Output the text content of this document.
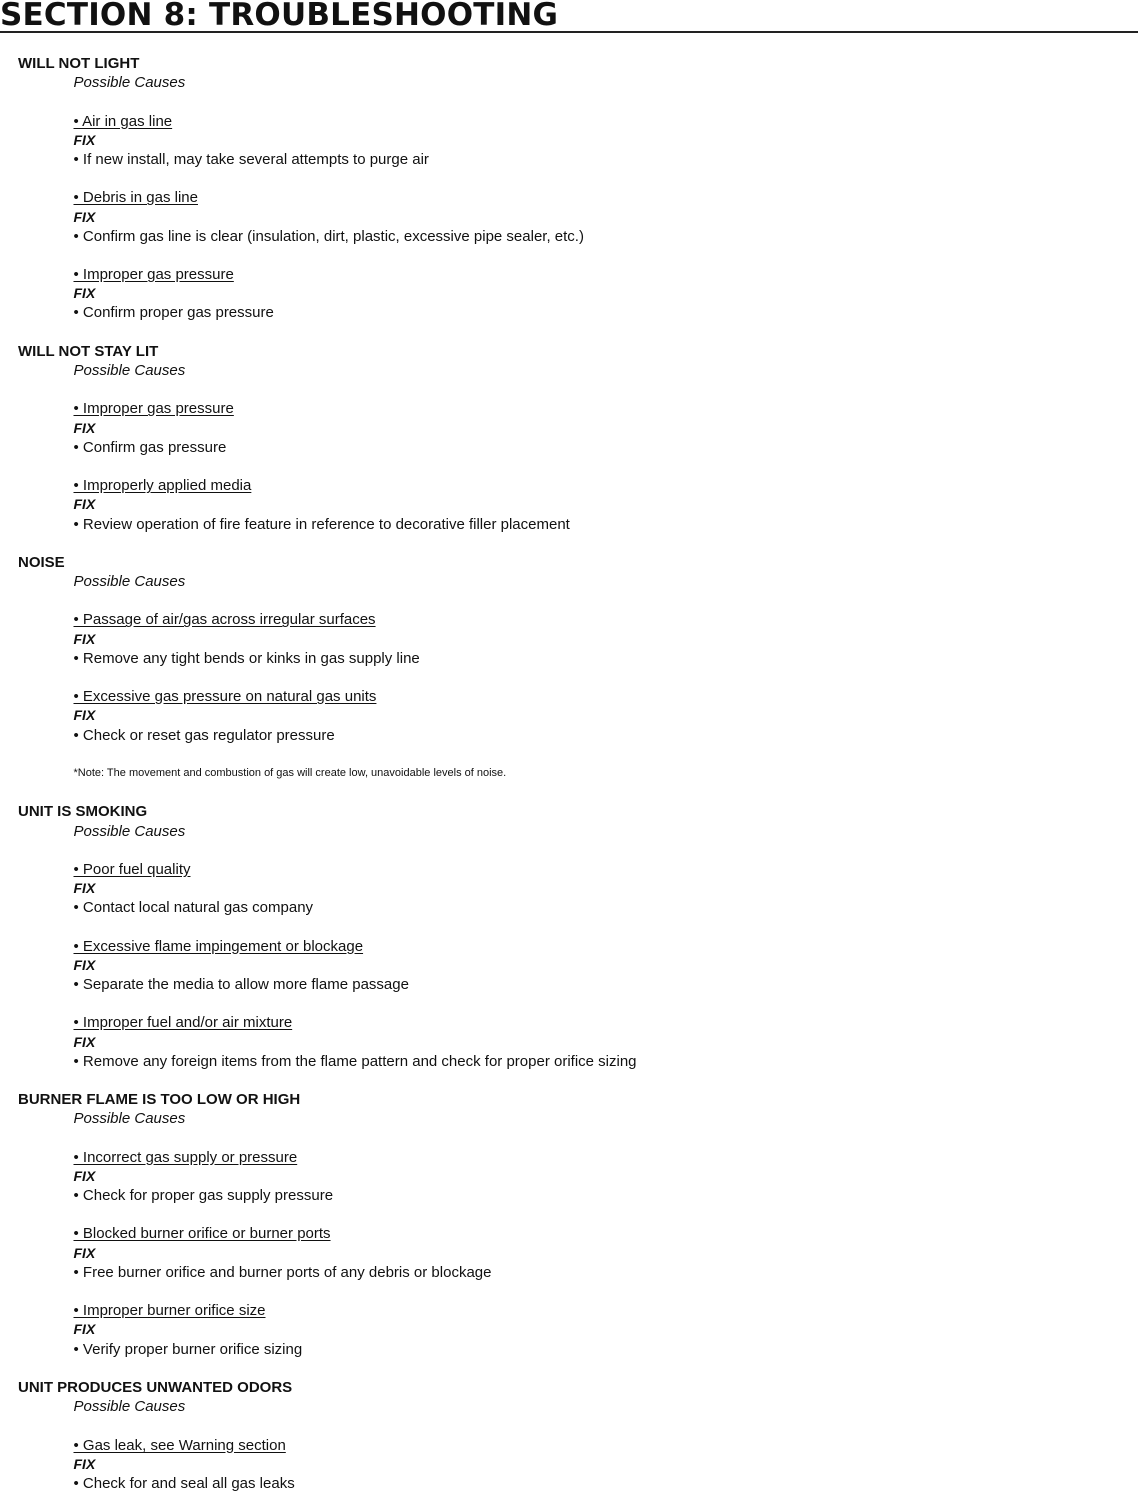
SECTION 8: TROUBLESHOOTING
WILL NOT LIGHT
Possible Causes
• Air in gas line
FIX
• If new install, may take several attempts to purge air
• Debris in gas line
FIX
• Confirm gas line is clear (insulation, dirt, plastic, excessive pipe sealer, etc.)
• Improper gas pressure
FIX
• Confirm proper gas pressure
WILL NOT STAY LIT
Possible Causes
• Improper gas pressure
FIX
• Confirm gas pressure
• Improperly applied media
FIX
• Review operation of fire feature in reference to decorative filler placement
NOISE
Possible Causes
• Passage of air/gas across irregular surfaces
FIX
• Remove any tight bends or kinks in gas supply line
• Excessive gas pressure on natural gas units
FIX
• Check or reset gas regulator pressure
*Note: The movement and combustion of gas will create low, unavoidable levels of noise.
UNIT IS SMOKING
Possible Causes
• Poor fuel quality
FIX
• Contact local natural gas company
• Excessive flame impingement or blockage
FIX
• Separate the media to allow more flame passage
• Improper fuel and/or air mixture
FIX
• Remove any foreign items from the flame pattern and check for proper orifice sizing
BURNER FLAME IS TOO LOW OR HIGH
Possible Causes
• Incorrect gas supply or pressure
FIX
• Check for proper gas supply pressure
• Blocked burner orifice or burner ports
FIX
• Free burner orifice and burner ports of any debris or blockage
• Improper burner orifice size
FIX
• Verify proper burner orifice sizing
UNIT PRODUCES UNWANTED ODORS
Possible Causes
• Gas leak, see Warning section
FIX
• Check for and seal all gas leaks
